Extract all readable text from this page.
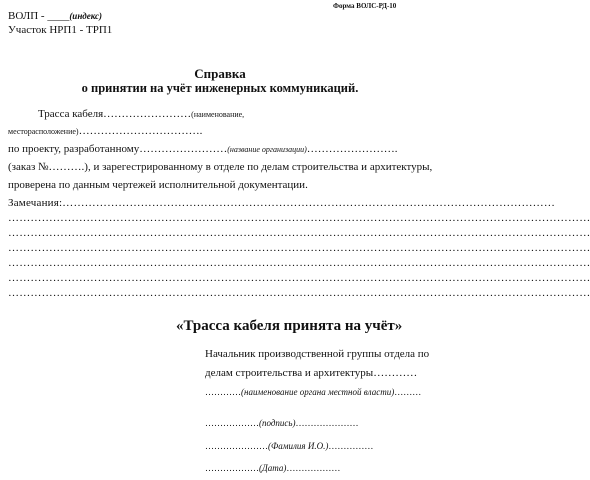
Форма ВОЛС-РД-10
ВОЛП - ____(индекс)
Участок НРП1 - ТРП1
Справка
о принятии на учёт инженерных коммуникаций.
Трасса кабеля……………………(наименование,
месторасположение)…………………………….
по проекту, разработанному……………………(название организации)…………………….
(заказ №……….), и зарегестрированному в отделе по делам строительства и архитектуры,
проверена по данным чертежей исполнительной документации.
Замечания:……………………………………………………………………………………………………………………
…………………………………………………………………………………………………………………………………………
…………………………………………………………………………………………………………………………………………
…………………………………………………………………………………………………………………………………………
…………………………………………………………………………………………………………………………………………
…………………………………………………………………………………………………………………………………………
…………………………………………………………………………………………………………………………………………
«Трасса кабеля принята на учёт»
Начальник производственной группы отдела по
делам строительства и архитектуры…………
…………(наименование органа местной власти)………
………………(подпись)…………………
…………………(Фамилия И.О.)……………
………………(Дата)………………
